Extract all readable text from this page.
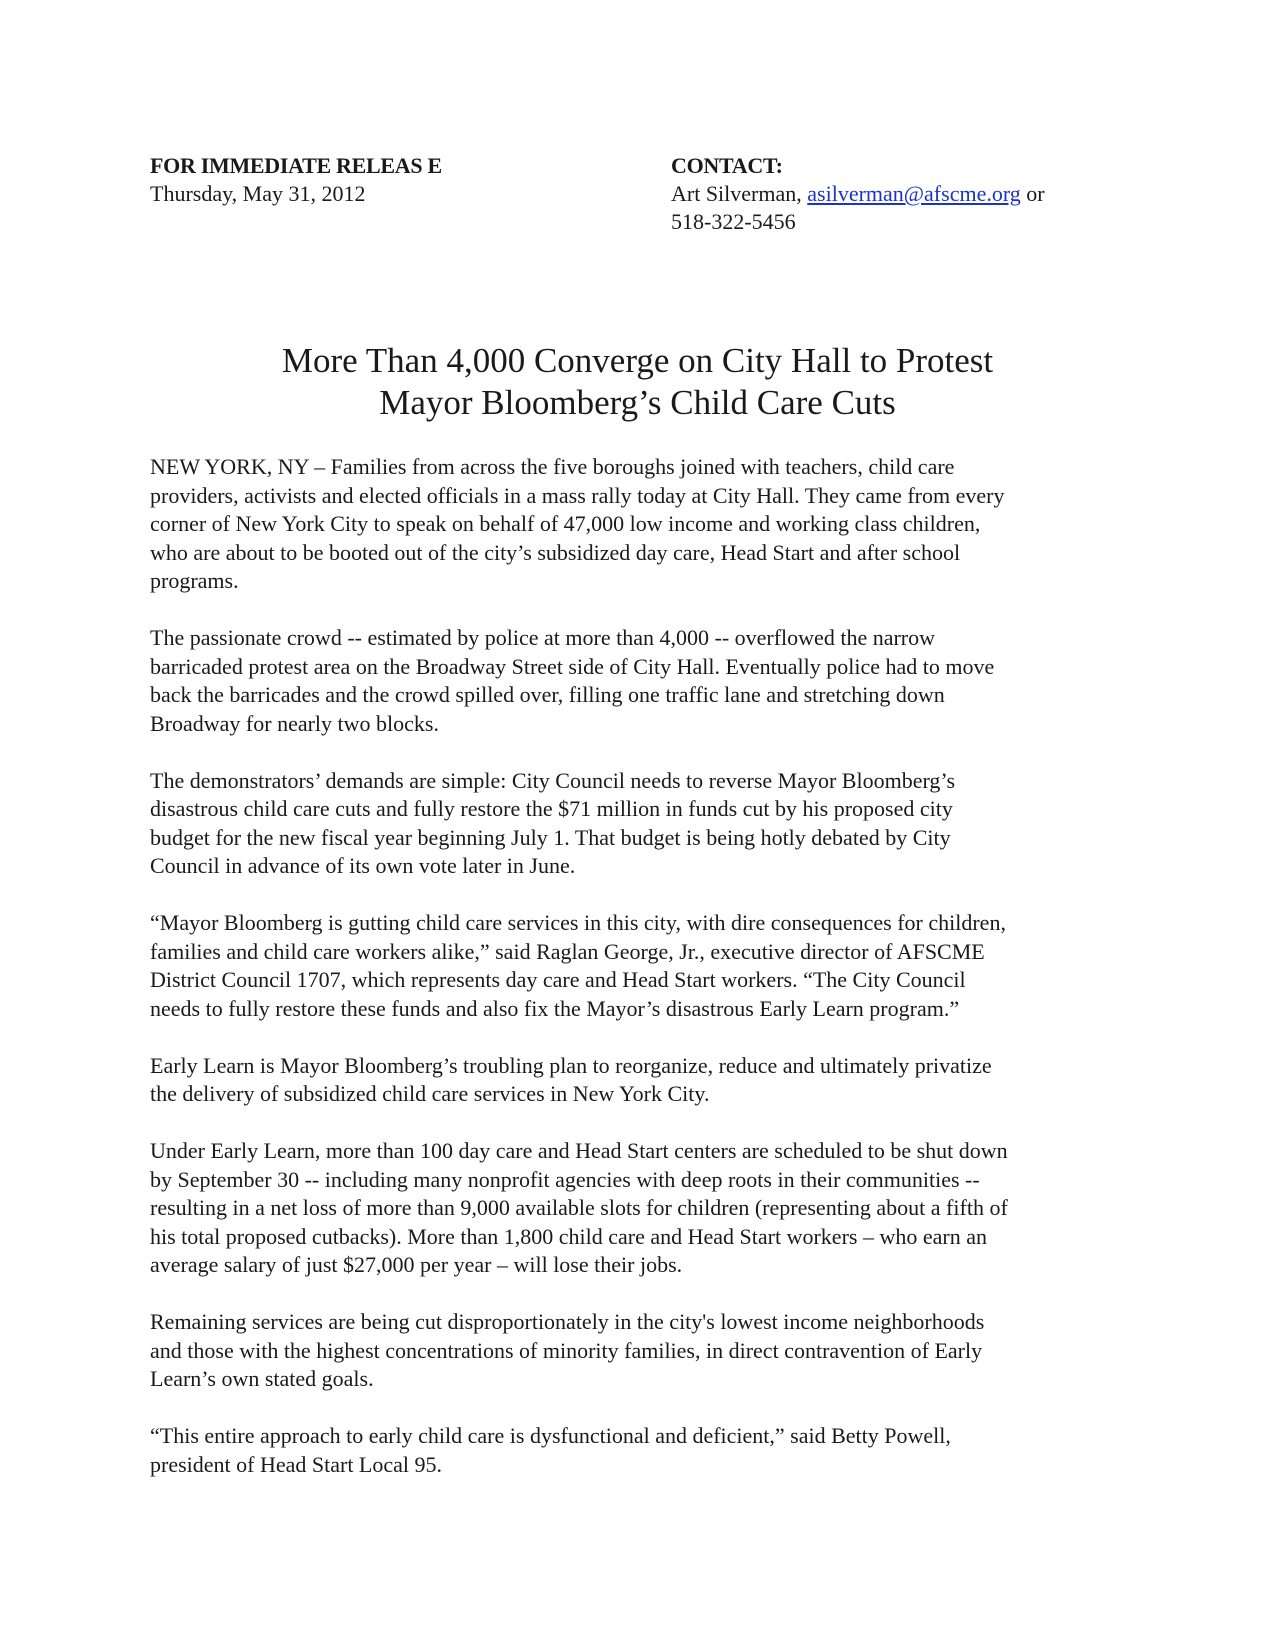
FOR IMMEDIATE RELEAS E
Thursday, May 31, 2012
CONTACT:
Art Silverman, asilverman@afscme.org or
518-322-5456
More Than 4,000 Converge on City Hall to Protest
Mayor Bloomberg’s Child Care Cuts

NEW YORK, NY – Families from across the five boroughs joined with teachers, child care
providers, activists and elected officials in a mass rally today at City Hall. They came from every
corner of New York City to speak on behalf of 47,000 low income and working class children,
who are about to be booted out of the city’s subsidized day care, Head Start and after school
programs.

The passionate crowd -- estimated by police at more than 4,000 -- overflowed the narrow
barricaded protest area on the Broadway Street side of City Hall. Eventually police had to move
back the barricades and the crowd spilled over, filling one traffic lane and stretching down
Broadway for nearly two blocks.

The demonstrators’ demands are simple: City Council needs to reverse Mayor Bloomberg’s
disastrous child care cuts and fully restore the $71 million in funds cut by his proposed city
budget for the new fiscal year beginning July 1. That budget is being hotly debated by City
Council in advance of its own vote later in June.

“Mayor Bloomberg is gutting child care services in this city, with dire consequences for children,
families and child care workers alike,” said Raglan George, Jr., executive director of AFSCME
District Council 1707, which represents day care and Head Start workers. “The City Council
needs to fully restore these funds and also fix the Mayor’s disastrous Early Learn program.”

Early Learn is Mayor Bloomberg’s troubling plan to reorganize, reduce and ultimately privatize
the delivery of subsidized child care services in New York City.

Under Early Learn, more than 100 day care and Head Start centers are scheduled to be shut down
by September 30 -- including many nonprofit agencies with deep roots in their communities --
resulting in a net loss of more than 9,000 available slots for children (representing about a fifth of
his total proposed cutbacks). More than 1,800 child care and Head Start workers – who earn an
average salary of just $27,000 per year – will lose their jobs.

Remaining services are being cut disproportionately in the city's lowest income neighborhoods
and those with the highest concentrations of minority families, in direct contravention of Early
Learn’s own stated goals.

“This entire approach to early child care is dysfunctional and deficient,” said Betty Powell,
president of Head Start Local 95.
